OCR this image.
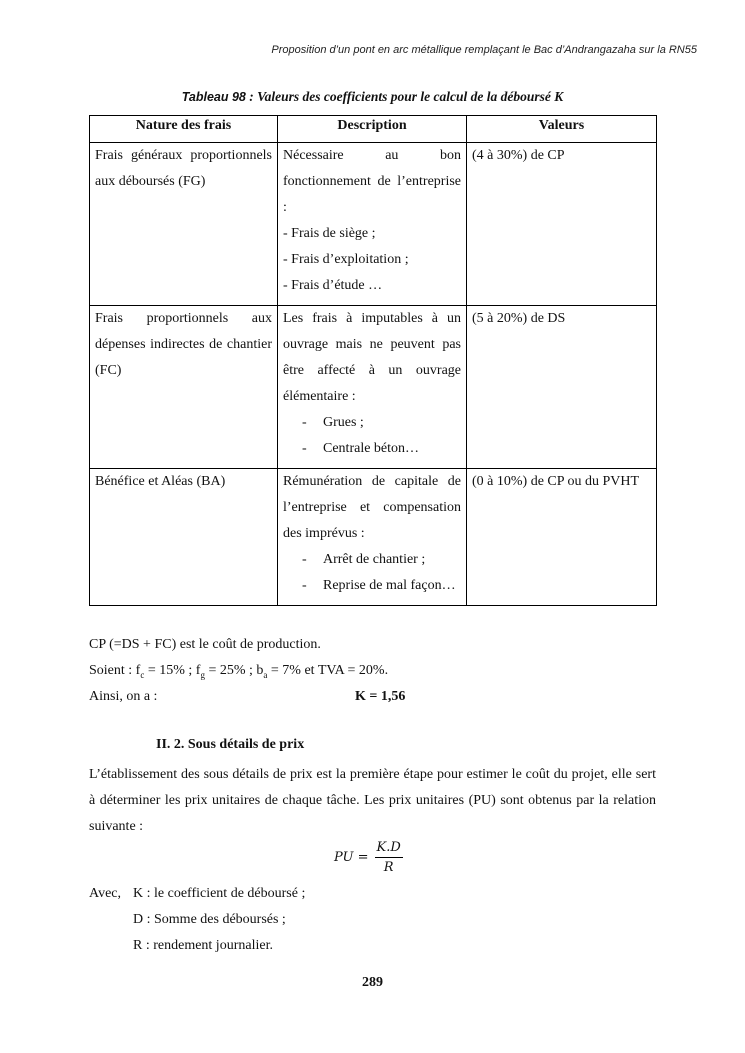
Proposition d’un pont en arc métallique remplaçant le Bac d’Andrangazaha sur la RN55
Tableau 98 : Valeurs des coefficients pour le calcul de la déboursé K
Nature des frais	Description	Valeurs
Frais généraux proportionnels aux déboursés (FG)	Nécessaire au bon fonctionnement de l’entreprise :
- Frais de siège ;
- Frais d’exploitation ;
- Frais d’étude …	(4 à 30%) de CP
Frais proportionnels aux dépenses indirectes de chantier (FC)	Les frais à imputables à un ouvrage mais ne peuvent pas être affecté à un ouvrage élémentaire :
- Grues ;
- Centrale béton…	(5 à 20%) de DS
Bénéfice et Aléas (BA)	Rémunération de capitale de l’entreprise et compensation des imprévus :
- Arrêt de chantier ;
- Reprise de mal façon…	(0 à 10%) de CP ou du PVHT
CP (=DS + FC) est le coût de production.
Soient : $f_c = 15\%$ ; $f_g = 25\%$ ; $b_a = 7\%$ et TVA = 20%.
Ainsi, on a :	K = 1,56
II. 2. Sous détails de prix
L’établissement des sous détails de prix est la première étape pour estimer le coût du projet, elle sert à déterminer les prix unitaires de chaque tâche. Les prix unitaires (PU) sont obtenus par la relation suivante :
PU = $\frac{K.D}{R}$
Avec, K : le coefficient de déboursé ;
D : Somme des déboursés ;
R : rendement journalier.
289
